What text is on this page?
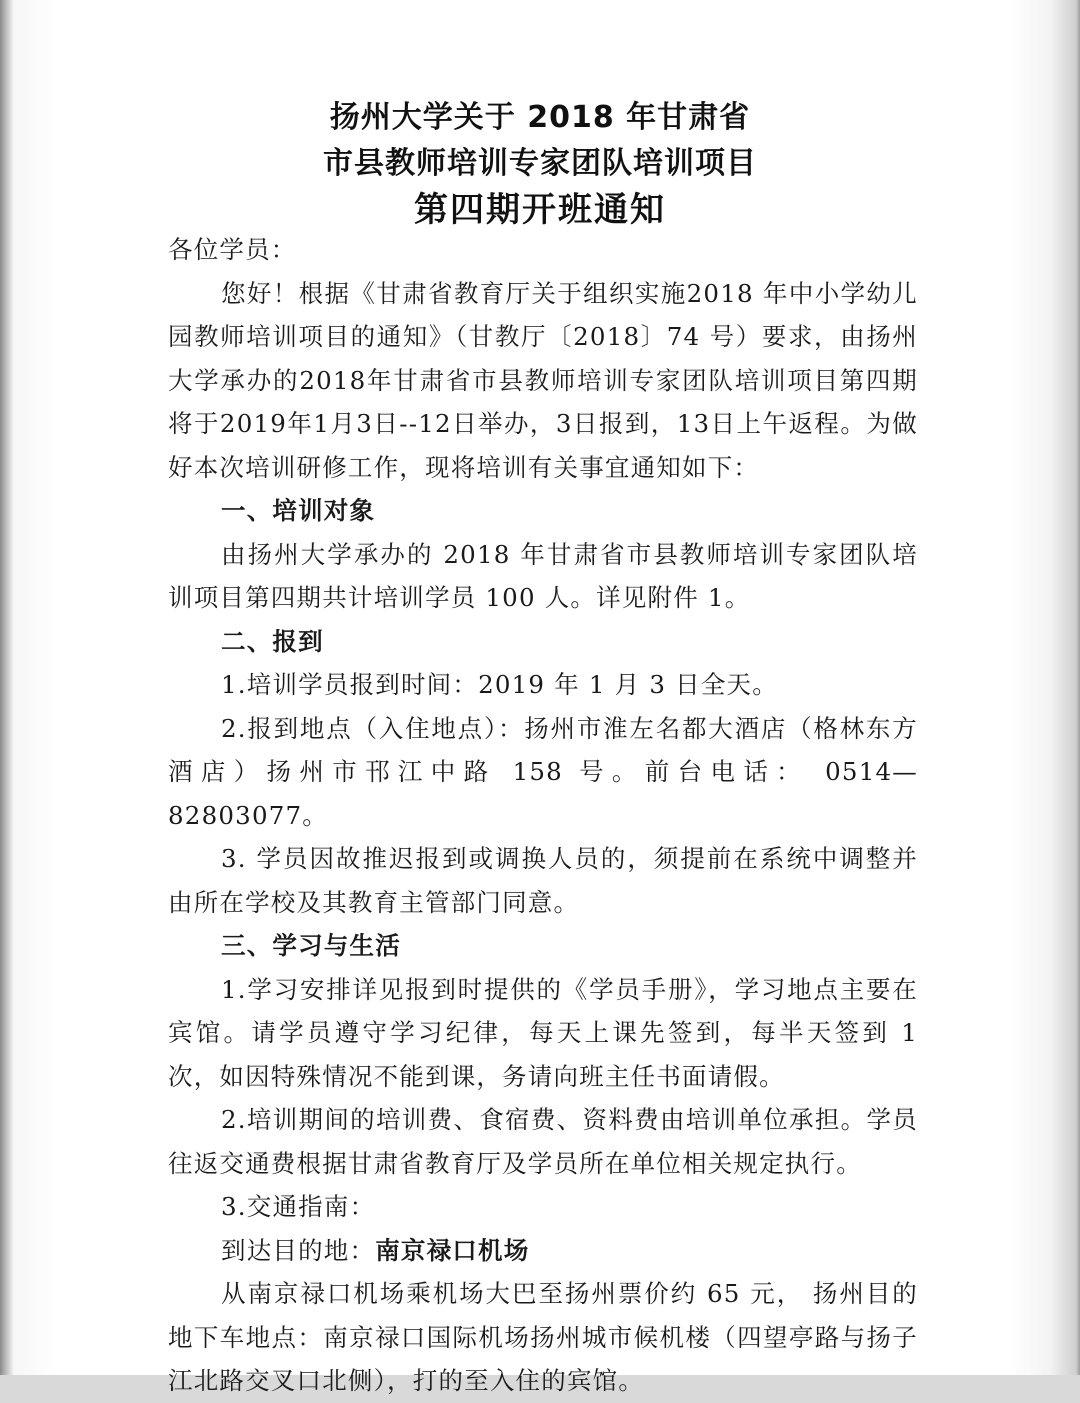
扬州大学关于 2018 年甘肃省
市县教师培训专家团队培训项目
第四期开班通知

各位学员：

您好！根据《甘肃省教育厅关于组织实施2018 年中小学幼儿园教师培训项目的通知》（甘教厅〔2018〕74 号）要求，由扬州大学承办的2018年甘肃省市县教师培训专家团队培训项目第四期将于2019年1月3日--12日举办，3日报到，13日上午返程。为做好本次培训研修工作，现将培训有关事宜通知如下：

一、培训对象

由扬州大学承办的 2018 年甘肃省市县教师培训专家团队培训项目第四期共计培训学员 100 人。详见附件 1。

二、报到

1.培训学员报到时间：2019 年 1 月 3 日全天。

2.报到地点（入住地点）：扬州市淮左名都大酒店（格林东方酒店）扬州市邗江中路 158 号。前台电话： 0514—82803077。

3. 学员因故推迟报到或调换人员的，须提前在系统中调整并由所在学校及其教育主管部门同意。

三、学习与生活

1.学习安排详见报到时提供的《学员手册》，学习地点主要在宾馆。请学员遵守学习纪律，每天上课先签到，每半天签到 1 次，如因特殊情况不能到课，务请向班主任书面请假。

2.培训期间的培训费、食宿费、资料费由培训单位承担。学员往返交通费根据甘肃省教育厅及学员所在单位相关规定执行。

3.交通指南：

到达目的地：南京禄口机场

从南京禄口机场乘机场大巴至扬州票价约 65 元， 扬州目的地下车地点：南京禄口国际机场扬州城市候机楼（四望亭路与扬子江北路交叉口北侧），打的至入住的宾馆。
